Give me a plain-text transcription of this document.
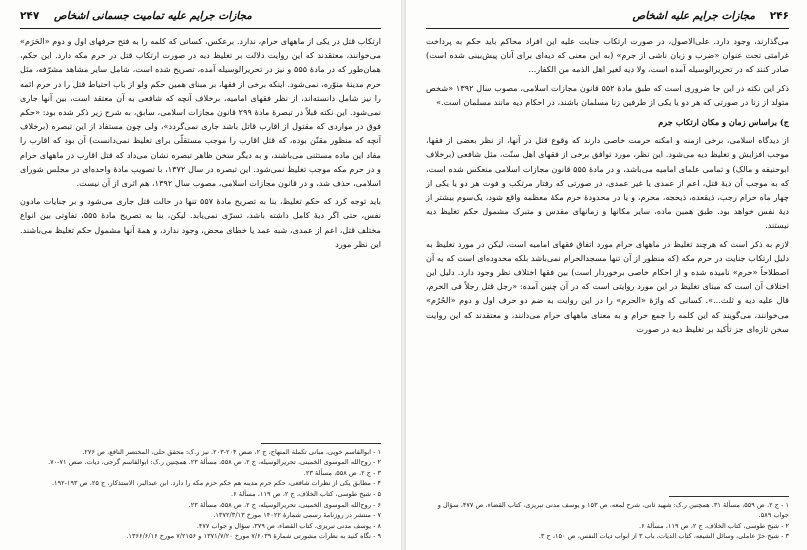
۲۴۶
مجازات جرایم علیه اشخاص

می‌گذارند، وجود دارد. علی‌الاصول، در صورت ارتکاب جنایت علیه این افراد محاکم باید حکم به پرداخت غرامتی تحت عنوان «ضرب و زبان ناشی از جرم» (به این معنی که دیه‌ای برای آنان پیش‌بینی شده است) صادر کنند که در تحریرالوسیله آمده است، ولا دیه لغیر اهل الذمه من الکفار...

ذکر این نکته در این جا ضروری است که طبق مادهٔ ۵۵۲ قانون مجازات اسلامی، مصوب سال ۱۳۹۲ «شخص متولد از زنا در صورتی که هر دو یا یکی از طرفین زنا مسلمان باشند، در احکام دیه مانند مسلمان است.»

ج) براساس زمان و مکان ارتکاب جرم

از دیدگاه اسلامی، برخی از‌منه و امکنه حرمت خاصی دارند که وقوع قتل در آنها، از نظر بعضی از فقها، موجب افزایش و تغلیظ دیه می‌شود. این نظر، مورد توافق برخی از فقهای اهل سنّت، مثل شافعی (برخلاف ابوحنیفه و مالک) و تمامی علمای امامیه می‌باشد، و در مادهٔ ۵۵۵ قانون مجازات اسلامی منعکس شده است، که به موجب آن دیهٔ قتل، اعم از عمدی یا غیر عمدی، در صورتی که رفتار مرتکب و فوت هر دو یا یکی از چهار ماه حرام رجب، ذیقعده، ذیحجه، محرم، و یا در محدودهٔ حرم مکهٔ معظمه واقع شود، یک‌سوم بیشتر از دیهٔ نفس خواهد بود. طبق همین ماده، سایر مکانها و زمانهای مقدس و متبرک مشمول حکم تغلیظ دیه نیستند.

لازم به ذکر است که هرچند تغلیظ در ماههای حرام مورد اتفاق فقهای امامیه است، لیکن در مورد تغلیظ به دلیل ارتکاب جنایت در حرم مکه (که منظور از آن تنها مسجدالحرام نمی‌باشد بلکه محدوده‌ای است که به آن اصطلاحاً «حرم» نامیده شده و از احکام خاصی برخوردار است) بین فقها اختلاف نظر وجود دارد. دلیل این اختلاف آن است که مبنای تغلیظ در این مورد روایتی است که در آن چنین آمده: «رجل قتل رجلاً فی الحرم، قال علیه دیه و ثلث...». کسانی که واژهٔ «الحرم» را در این روایت به ضم دو حرف اول و دوم «الحُرُم» می‌خوانند، می‌گویند که این کلمه را جمع حرام و به معنای ماههای حرام می‌دانند، و معتقدند که این روایت سخن تازه‌ای جز تأکید بر تغلیظ دیه در صورت

۱ - ج ۲، ص ۵۵۹، مسألهٔ ۳۱. همچنین ر.ک: شهید ثانی، شرح لمعه، ص ۱۵۳ و یوسف مدنی تبریزی، کتاب القضاء، ص ۴۷۷، سؤال و جواب ۵۸۹.
۲ - شیخ طوسی، کتاب الخلاف، ج ۲، ص ۱۱۹، مسألهٔ ۶.
۳ - شیخ حرّ عاملی، وسائل الشیعه، کتاب الدیات، باب ۳ از ابواب دیات النفس، ص ۱۵۰، ح ۳.
مجازات جرایم علیه تمامیت جسمانی اشخاص
۲۴۷

ارتکاب قتل در یکی از ماههای حرام، ندارد. برعکس، کسانی که کلمه را به فتح حرفهای اول و دوم «الحَرَم» می‌خوانند، معتقدند که این روایت دلالت بر تغلیظ دیه در صورت ارتکاب قتل در حرم مکه دارد. این حکم، همان‌طور که در مادهٔ ۵۵۵ و نیز در تحریرالوسیله آمده، تصریح شده است، شامل سایر مشاهد مشرّفه، مثل حرم مدینهٔ منوّره، نمی‌شود. اینکه برخی از فقها، بر مبنای همین حکم ولو از باب احتیاط قتل را در حرم ائمه را نیز شامل دانسته‌اند، از نظر فقهای امامیه، برخلاف آنچه که شافعی به آن معتقد است، بین آنها جاری نمی‌شود. این نکته قبلاً در تبصرهٔ مادهٔ ۲۹۹ قانون مجازات اسلامی، سابق، به شرح زیر ذکر شده بود: «حکم فوق در مواردی که مقتول از اقارب قاتل باشد جاری نمی‌گردد»، ولی چون مستفاد از این تبصره (برخلاف آنچه که منظور مقنّن بوده، که قتل اقارب را موجب مستقلّی برای تغلیظ نمی‌دانست) آن بود که اقارب را مفاد این ماده مستثنی می‌باشند، و به دیگر سخن ظاهر تبصره نشان می‌داد که قتل اقارب در ماههای حرام و در حرم مکه موجب تغلیظ نمی‌شود. این تبصره در سال ۱۳۷۲، با تصویب مادهٔ واحده‌ای در مجلس شورای اسلامی، حذف شد، و در قانون مجازات اسلامی، مصوب سال ۱۳۹۲، هم اثری از آن نیست.

باید توجه کرد که حکم تغلیظ، بنا به تصریح مادهٔ ۵۵۷ تنها در حالت قتل جاری می‌شود و بر جنایات مادون نفس، حتی اگر دیهٔ کامل داشته باشد، تسرّی نمی‌یابد. لیکن، بنا به تصریح مادهٔ ۵۵۵، تفاوتی بین انواع مختلف قتل، اعم از عمدی، شبه عمد یا خطای محض، وجود ندارد، و همهٔ آنها مشمول حکم تغلیظ می‌باشند. این نظر مورد

۱ - ابوالقاسم خویی، مبانی تکملة المنهاج، ج ۲، صص ۲۰۴-۲۰۳. نیز ر.ک: محقق حلی، المختصر النافع، ص ۲۷۶.
۲ - روح‌الله الموسوی الخمینی، تحریرالوسیله، ج ۲، ص ۵۵۸، مسألهٔ ۲۳. همچنین ر.ک: ابوالقاسم گرجی، دیات، صص ۷۱-۷۰.
۳ - ج ۲، ص ۵۵۸، مسألهٔ ۲۳.
۴ - مطابق یکی از نظرات شافعی، حکم حرم مدینه هم حکم حرم مکه را دارد. ابن عبدالبر، الاستذکار، ج ۲۵، ص ۱۹۳-۱۹۲.
۵ - شیخ طوسی، کتاب الخلاف، ج ۲، ص ۱۱۹، مسألهٔ ۶.
۶ - روح‌الله الموسوی الخمینی، تحریرالوسیله، ج ۲، ص ۵۵۸، مسألهٔ ۲۳.
۷ - منتشر در روزنامهٔ رسمی شمارهٔ ۱۴۰۲۲ مورخ ۱۳۷۲/۳/۱۳.
۸ - یوسف مدنی تبریزی، کتاب القضاء، ص ۳۷۹، سؤال و جواب ۴۷۷.
۹ - نگاه کنید به نظرات مشورتی شمارهٔ ۷/۶۰۳۹ مورخ ۱۳۷۱/۷/۲۰ و ۷/۲۱۵۶ مورخ ۱۳۶۶/۶/۱۶.
